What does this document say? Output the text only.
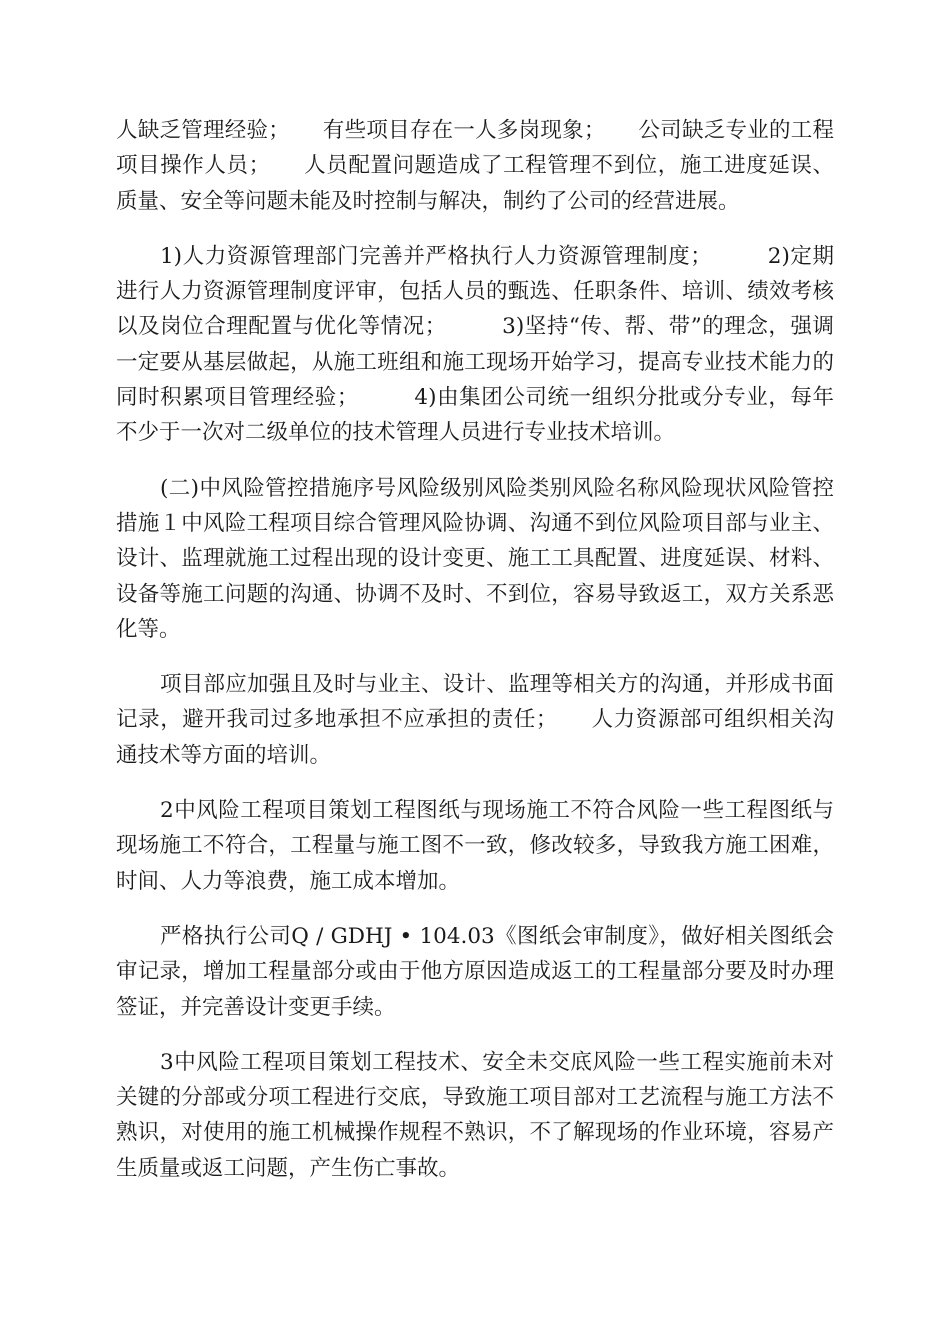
人缺乏管理经验；　　有些项目存在一人多岗现象；　　公司缺乏专业的工程项目操作人员；　　人员配置问题造成了工程管理不到位，施工进度延误、质量、安全等问题未能及时控制与解决，制约了公司的经营进展。

1)人力资源管理部门完善并严格执行人力资源管理制度；　　　2)定期进行人力资源管理制度评审，包括人员的甄选、任职条件、培训、绩效考核以及岗位合理配置与优化等情况；　　　3)坚持“传、帮、带”的理念，强调一定要从基层做起，从施工班组和施工现场开始学习，提高专业技术能力的同时积累项目管理经验；　　　4)由集团公司统一组织分批或分专业，每年不少于一次对二级单位的技术管理人员进行专业技术培训。

(二)中风险管控措施序号风险级别风险类别风险名称风险现状风险管控措施１中风险工程项目综合管理风险协调、沟通不到位风险项目部与业主、设计、监理就施工过程出现的设计变更、施工工具配置、进度延误、材料、设备等施工问题的沟通、协调不及时、不到位，容易导致返工，双方关系恶化等。

项目部应加强且及时与业主、设计、监理等相关方的沟通，并形成书面记录，避开我司过多地承担不应承担的责任；　　人力资源部可组织相关沟通技术等方面的培训。

2中风险工程项目策划工程图纸与现场施工不符合风险一些工程图纸与现场施工不符合，工程量与施工图不一致，修改较多，导致我方施工困难，时间、人力等浪费，施工成本增加。

严格执行公司Q / GDHJ • 104.03《图纸会审制度》，做好相关图纸会审记录，增加工程量部分或由于他方原因造成返工的工程量部分要及时办理签证，并完善设计变更手续。

3中风险工程项目策划工程技术、安全未交底风险一些工程实施前未对关键的分部或分项工程进行交底，导致施工项目部对工艺流程与施工方法不熟识，对使用的施工机械操作规程不熟识，不了解现场的作业环境，容易产生质量或返工问题，产生伤亡事故。
